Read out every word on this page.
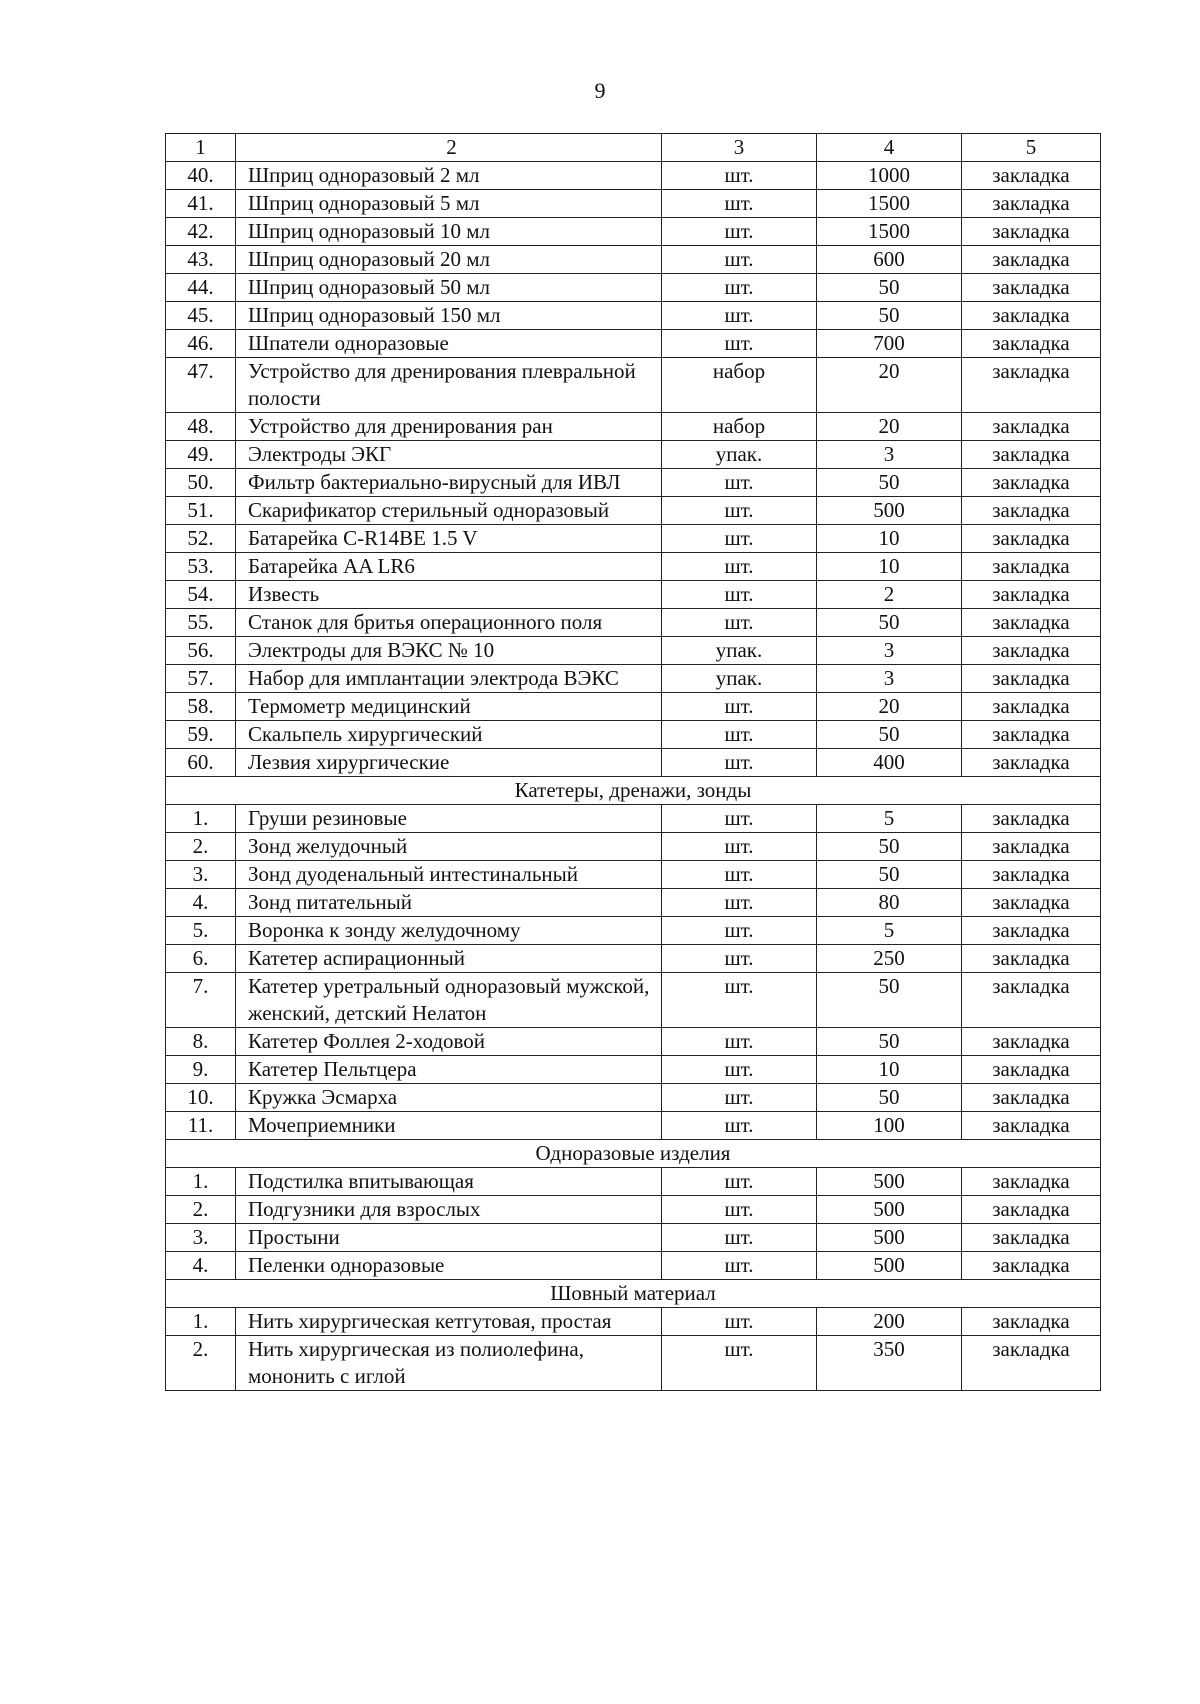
9
1	2	3	4	5
40.	Шприц одноразовый 2 мл	шт.	1000	закладка
41.	Шприц одноразовый 5 мл	шт.	1500	закладка
42.	Шприц одноразовый 10 мл	шт.	1500	закладка
43.	Шприц одноразовый 20 мл	шт.	600	закладка
44.	Шприц одноразовый 50 мл	шт.	50	закладка
45.	Шприц одноразовый 150 мл	шт.	50	закладка
46.	Шпатели одноразовые	шт.	700	закладка
47.	Устройство для дренирования плевральной полости	набор	20	закладка
48.	Устройство для дренирования ран	набор	20	закладка
49.	Электроды ЭКГ	упак.	3	закладка
50.	Фильтр бактериально-вирусный для ИВЛ	шт.	50	закладка
51.	Скарификатор стерильный одноразовый	шт.	500	закладка
52.	Батарейка C-R14BE 1.5 V	шт.	10	закладка
53.	Батарейка AA LR6	шт.	10	закладка
54.	Известь	шт.	2	закладка
55.	Станок для бритья операционного поля	шт.	50	закладка
56.	Электроды для ВЭКС № 10	упак.	3	закладка
57.	Набор для имплантации электрода ВЭКС	упак.	3	закладка
58.	Термометр медицинский	шт.	20	закладка
59.	Скальпель хирургический	шт.	50	закладка
60.	Лезвия хирургические	шт.	400	закладка
Катетеры, дренажи, зонды				
1.	Груши резиновые	шт.	5	закладка
2.	Зонд желудочный	шт.	50	закладка
3.	Зонд дуоденальный интестинальный	шт.	50	закладка
4.	Зонд питательный	шт.	80	закладка
5.	Воронка к зонду желудочному	шт.	5	закладка
6.	Катетер аспирационный	шт.	250	закладка
7.	Катетер уретральный одноразовый мужской, женский, детский Нелатон	шт.	50	закладка
8.	Катетер Фоллея 2-ходовой	шт.	50	закладка
9.	Катетер Пельтцера	шт.	10	закладка
10.	Кружка Эсмарха	шт.	50	закладка
11.	Мочеприемники	шт.	100	закладка
Одноразовые изделия				
1.	Подстилка впитывающая	шт.	500	закладка
2.	Подгузники для взрослых	шт.	500	закладка
3.	Простыни	шт.	500	закладка
4.	Пеленки одноразовые	шт.	500	закладка
Шовный материал				
1.	Нить хирургическая кетгутовая, простая	шт.	200	закладка
2.	Нить хирургическая из полиолефина, мононить с иглой	шт.	350	закладка
